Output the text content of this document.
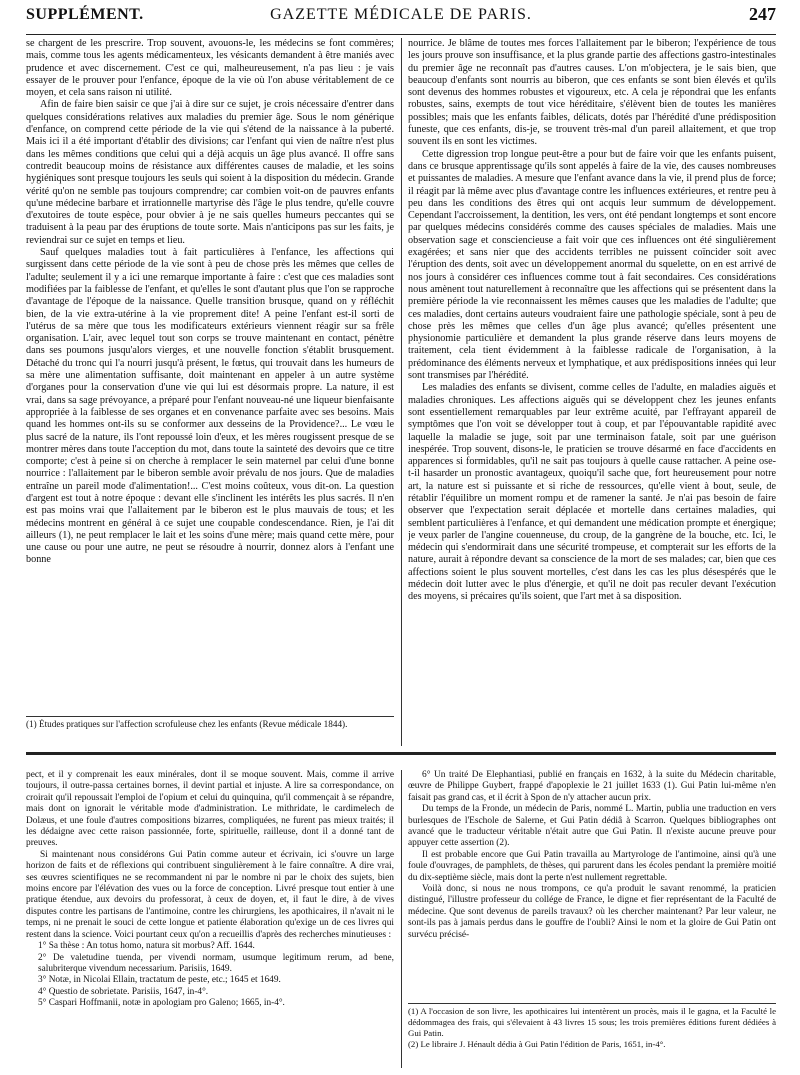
SUPPLÉMENT.	GAZETTE MÉDICALE DE PARIS.	247

se chargent de les prescrire. Trop souvent, avouons-le, les médecins se font commères; mais, comme tous les agents médicamenteux, les vésicants demandent à être maniés avec prudence et avec discernement. C'est ce qui, malheureusement, n'a pas lieu : je vais essayer de le prouver pour l'enfance, époque de la vie où l'on abuse véritablement de ce moyen, et cela sans raison ni utilité.

Afin de faire bien saisir ce que j'ai à dire sur ce sujet, je crois nécessaire d'entrer dans quelques considérations relatives aux maladies du premier âge. Sous le nom générique d'enfance, on comprend cette période de la vie qui s'étend de la naissance à la puberté. Mais ici il a été important d'établir des divisions; car l'enfant qui vien de naître n'est plus dans les mêmes conditions que celui qui a déjà acquis un âge plus avancé. Il offre sans contredit beaucoup moins de résistance aux différentes causes de maladie, et les soins hygiéniques sont presque toujours les seuls qui soient à la disposition du médecin. Grande vérité qu'on ne semble pas toujours comprendre; car combien voit-on de pauvres enfants qu'une médecine barbare et irrationnelle martyrise dès l'âge le plus tendre, qu'elle couvre d'exutoires de toute espèce, pour obvier à je ne sais quelles humeurs peccantes qui se traduisent à la peau par des éruptions de toute sorte. Mais n'anticipons pas sur les faits, je reviendrai sur ce sujet en temps et lieu.

Sauf quelques maladies tout à fait particulières à l'enfance, les affections qui surgissent dans cette période de la vie sont à peu de chose près les mêmes que celles de l'adulte; seulement il y a ici une remarque importante à faire : c'est que ces maladies sont modifiées par la faiblesse de l'enfant, et qu'elles le sont d'autant plus que l'on se rapproche d'avantage de l'époque de la naissance. Quelle transition brusque, quand on y réfléchit bien, de la vie extra-utérine à la vie proprement dite! A peine l'enfant est-il sorti de l'utérus de sa mère que tous les modificateurs extérieurs viennent réagir sur sa frêle organisation. L'air, avec lequel tout son corps se trouve maintenant en contact, pénètre dans ses poumons jusqu'alors vierges, et une nouvelle fonction s'établit brusquement. Détaché du tronc qui l'a nourri jusqu'à présent, le fœtus, qui trouvait dans les humeurs de sa mère une alimentation suffisante, doit maintenant en appeler à un autre système d'organes pour la conservation d'une vie qui lui est désormais propre. La nature, il est vrai, dans sa sage prévoyance, a préparé pour l'enfant nouveau-né une liqueur bienfaisante appropriée à la faiblesse de ses organes et en convenance parfaite avec ses besoins. Mais quand les hommes ont-ils su se conformer aux desseins de la Providence?... Le vœu le plus sacré de la nature, ils l'ont repoussé loin d'eux, et les mères rougissent presque de se montrer mères dans toute l'acception du mot, dans toute la sainteté des devoirs que ce titre comporte; c'est à peine si on cherche à remplacer le sein maternel par celui d'une bonne nourrice : l'allaitement par le biberon semble avoir prévalu de nos jours. Que de maladies entraîne un pareil mode d'alimentation!... C'est moins coûteux, vous dit-on. La question d'argent est tout à notre époque : devant elle s'inclinent les intérêts les plus sacrés. Il n'en est pas moins vrai que l'allaitement par le biberon est le plus mauvais de tous; et les médecins montrent en général à ce sujet une coupable condescendance. Rien, je l'ai dit ailleurs (1), ne peut remplacer le lait et les soins d'une mère; mais quand cette mère, pour une cause ou pour une autre, ne peut se résoudre à nourrir, donnez alors à l'enfant une bonne

(1) Études pratiques sur l'affection scrofuleuse chez les enfants (Revue médicale 1844).

nourrice. Je blâme de toutes mes forces l'allaitement par le biberon; l'expérience de tous les jours prouve son insuffisance, et la plus grande partie des affections gastro-intestinales du premier âge ne reconnaît pas d'autres causes. L'on m'objectera, je le sais bien, que beaucoup d'enfants sont nourris au biberon, que ces enfants se sont bien élevés et qu'ils sont devenus des hommes robustes et vigoureux, etc. A cela je répondrai que les enfants robustes, sains, exempts de tout vice héréditaire, s'élèvent bien de toutes les manières possibles; mais que les enfants faibles, délicats, dotés par l'hérédité d'une prédisposition funeste, que ces enfants, dis-je, se trouvent très-mal d'un pareil allaitement, et que trop souvent ils en sont les victimes.

Cette digression trop longue peut-être a pour but de faire voir que les enfants puisent, dans ce brusque apprentissage qu'ils sont appelés à faire de la vie, des causes nombreuses et puissantes de maladies. A mesure que l'enfant avance dans la vie, il prend plus de force; il réagit par là même avec plus d'avantage contre les influences extérieures, et rentre peu à peu dans les conditions des êtres qui ont acquis leur summum de développement. Cependant l'accroissement, la dentition, les vers, ont été pendant longtemps et sont encore par quelques médecins considérés comme des causes spéciales de maladies. Mais une observation sage et consciencieuse a fait voir que ces influences ont été singulièrement exagérées; et sans nier que des accidents terribles ne puissent coïncider soit avec l'éruption des dents, soit avec un développement anormal du squelette, on en est arrivé de nos jours à considérer ces influences comme tout à fait secondaires. Ces considérations nous amènent tout naturellement à reconnaître que les affections qui se présentent dans la première période la vie reconnaissent les mêmes causes que les maladies de l'adulte; que ces maladies, dont certains auteurs voudraient faire une pathologie spéciale, sont à peu de chose près les mêmes que celles d'un âge plus avancé; qu'elles présentent une physionomie particulière et demandent la plus grande réserve dans leurs moyens de traitement, cela tient évidemment à la faiblesse radicale de l'organisation, à la prédominance des éléments nerveux et lymphatique, et aux prédispositions innées qui leur sont transmises par l'hérédité.

Les maladies des enfants se divisent, comme celles de l'adulte, en maladies aiguës et maladies chroniques. Les affections aiguës qui se développent chez les jeunes enfants sont essentiellement remarquables par leur extrême acuité, par l'effrayant appareil de symptômes que l'on voit se développer tout à coup, et par l'épouvantable rapidité avec laquelle la maladie se juge, soit par une terminaison fatale, soit par une guérison inespérée. Trop souvent, disons-le, le praticien se trouve désarmé en face d'accidents en apparences si formidables, qu'il ne sait pas toujours à quelle cause rattacher. A peine ose-t-il hasarder un pronostic avantageux, quoiqu'il sache que, fort heureusement pour notre art, la nature est si puissante et si riche de ressources, qu'elle vient à bout, seule, de rétablir l'équilibre un moment rompu et de ramener la santé. Je n'ai pas besoin de faire observer que l'expectation serait déplacée et mortelle dans certaines maladies, qui semblent particulières à l'enfance, et qui demandent une médication prompte et énergique; je veux parler de l'angine couenneuse, du croup, de la gangrène de la bouche, etc. Ici, le médecin qui s'endormirait dans une sécurité trompeuse, et compterait sur les efforts de la nature, aurait à répondre devant sa conscience de la mort de ses malades; car, bien que ces affections soient le plus souvent mortelles, c'est dans les cas les plus désespérés que le médecin doit lutter avec le plus d'énergie, et qu'il ne doit pas reculer devant l'exécution des moyens, si précaires qu'ils soient, que l'art met à sa disposition.

pect, et il y comprenait les eaux minérales, dont il se moque souvent. Mais, comme il arrive toujours, il outre-passa certaines bornes, il devint partial et injuste. A lire sa correspondance, on croirait qu'il repoussait l'emploi de l'opium et celui du quinquina, qu'il commençait à se répandre, mais dont on ignorait le véritable mode d'administration. Le mithridate, le cardimelech de Dolæus, et une foule d'autres compositions bizarres, compliquées, ne furent pas mieux traités; il les dédaigne avec cette raison passionnée, forte, spirituelle, railleuse, dont il a donné tant de preuves.

Si maintenant nous considérons Gui Patin comme auteur et écrivain, ici s'ouvre un large horizon de faits et de réflexions qui contribuent singulièrement à le faire connaître. A dire vrai, ses œuvres scientifiques ne se recommandent ni par le nombre ni par le choix des sujets, bien moins encore par l'élévation des vues ou la force de conception. Livré presque tout entier à une pratique étendue, aux devoirs du professorat, à ceux de doyen, et, il faut le dire, à de vives disputes contre les partisans de l'antimoine, contre les chirurgiens, les apothicaires, il n'avait ni le temps, ni ne prenait le souci de cette longue et patiente élaboration qu'exige un de ces livres qui restent dans la science. Voici pourtant ceux qu'on a recueillis d'après des recherches minutieuses :

1° Sa thèse : An totus homo, natura sit morbus? Aff. 1644.
2° De valetudine tuenda, per vivendi normam, usumque legitimum rerum, ad bene, salubriterque vivendum necessarium. Parisiis, 1649.
3° Notæ, in Nicolai Ellain, tractatum de peste, etc.; 1645 et 1649.
4° Questio de sobrietate. Parisiis, 1647, in-4°.
5° Caspari Hoffmanii, notæ in apologiam pro Galeno; 1665, in-4°.

6° Un traité De Elephantiasi, publié en français en 1632, à la suite du Médecin charitable, œuvre de Philippe Guybert, frappé d'apoplexie le 21 juillet 1633 (1). Gui Patin lui-même n'en faisait pas grand cas, et il écrit à Spon de n'y attacher aucun prix.

Du temps de la Fronde, un médecin de Paris, nommé L. Martin, publia une traduction en vers burlesques de l'Eschole de Salerne, et Gui Patin dédiâ à Scarron. Quelques bibliographes ont avancé que le traducteur véritable n'était autre que Gui Patin. Il n'existe aucune preuve pour appuyer cette assertion (2).

Il est probable encore que Gui Patin travailla au Martyrologe de l'antimoine, ainsi qu'à une foule d'ouvrages, de pamphlets, de thèses, qui parurent dans les écoles pendant la première moitié du dix-septième siècle, mais dont la perte n'est nullement regrettable.

Voilà donc, si nous ne nous trompons, ce qu'a produit le savant renommé, la praticien distingué, l'illustre professeur du collége de France, le digne et fier représentant de la Faculté de médecine. Que sont devenus de pareils travaux? où les chercher maintenant? Par leur valeur, ne sont-ils pas à jamais perdus dans le gouffre de l'oubli? Ainsi le nom et la gloire de Gui Patin ont survécu précisé-

(1) A l'occasion de son livre, les apothicaires lui intentèrent un procès, mais il le gagna, et la Faculté le dédommagea des frais, qui s'élevaient à 43 livres 15 sous; les trois premières éditions furent dédiées à Gui Patin.

(2) Le libraire J. Hénault dédia à Gui Patin l'édition de Paris, 1651, in-4°.
